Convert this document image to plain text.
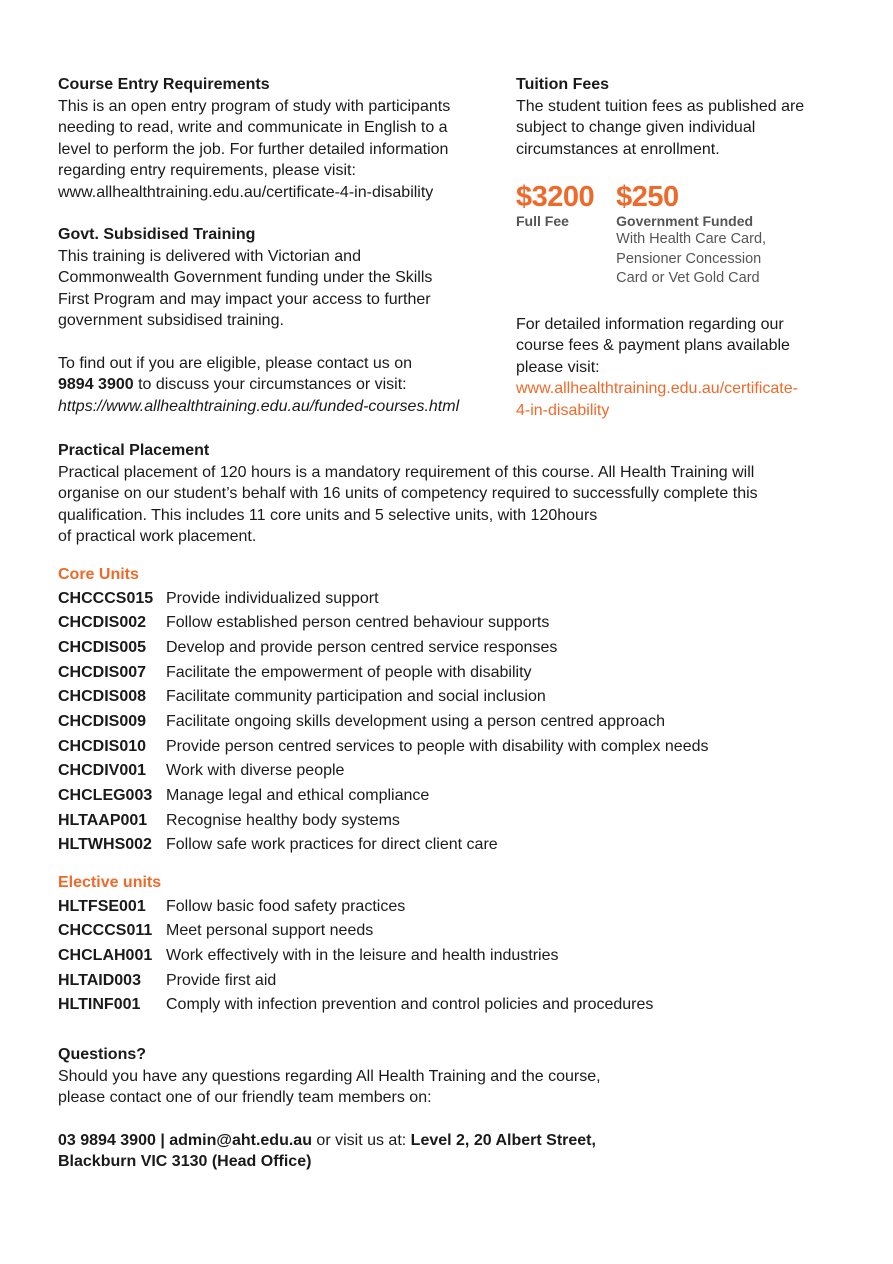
Course Entry Requirements

This is an open entry program of study with participants

needing to read, write and communicate in English to a

level to perform the job. For further detailed information

regarding entry requirements, please visit:

www.allhealthtraining.edu.au/certificate-4-in-disability

Govt. Subsidised Training

This training is delivered with Victorian and

Commonwealth Government funding under the Skills

First Program and may impact your access to further

government subsidised training.

To find out if you are eligible, please contact us on

9894 3900 to discuss your circumstances or visit:

https://www.allhealthtraining.edu.au/funded-courses.html

Tuition Fees

The student tuition fees as published are

subject to change given individual

circumstances at enrollment.

$3200
Full Fee
$250
Government Funded
With Health Care Card,
Pensioner Concession
Card or Vet Gold Card

For detailed information regarding our

course fees & payment plans available

please visit:

www.allhealthtraining.edu.au/certificate-

4-in-disability

Practical Placement

Practical placement of 120 hours is a mandatory requirement of this course. All Health Training will

organise on our student’s behalf with 16 units of competency required to successfully complete this

qualification. This includes 11 core units and 5 selective units, with 120hours

of practical work placement.

Core Units
CHCCCS015 Provide individualized support
CHCDIS002	Follow established person centred behaviour supports
CHCDIS005	Develop and provide person centred service responses
CHCDIS007	Facilitate the empowerment of people with disability
CHCDIS008	Facilitate community participation and social inclusion
CHCDIS009	Facilitate ongoing skills development using a person centred approach
CHCDIS010	Provide person centred services to people with disability with complex needs
CHCDIV001	Work with diverse people
CHCLEG003 Manage legal and ethical compliance
HLTAAP001	Recognise healthy body systems
HLTWHS002 Follow safe work practices for direct client care
Elective units
HLTFSE001	Follow basic food safety practices
CHCCCS011 Meet personal support needs
CHCLAH001 Work effectively with in the leisure and health industries
HLTAID003	Provide first aid
HLTINF001	Comply with infection prevention and control policies and procedures
Questions?

Should you have any questions regarding All Health Training and the course,

please contact one of our friendly team members on:

03 9894 3900 | admin@aht.edu.au or visit us at: Level 2, 20 Albert Street,

Blackburn VIC 3130 (Head Office)
